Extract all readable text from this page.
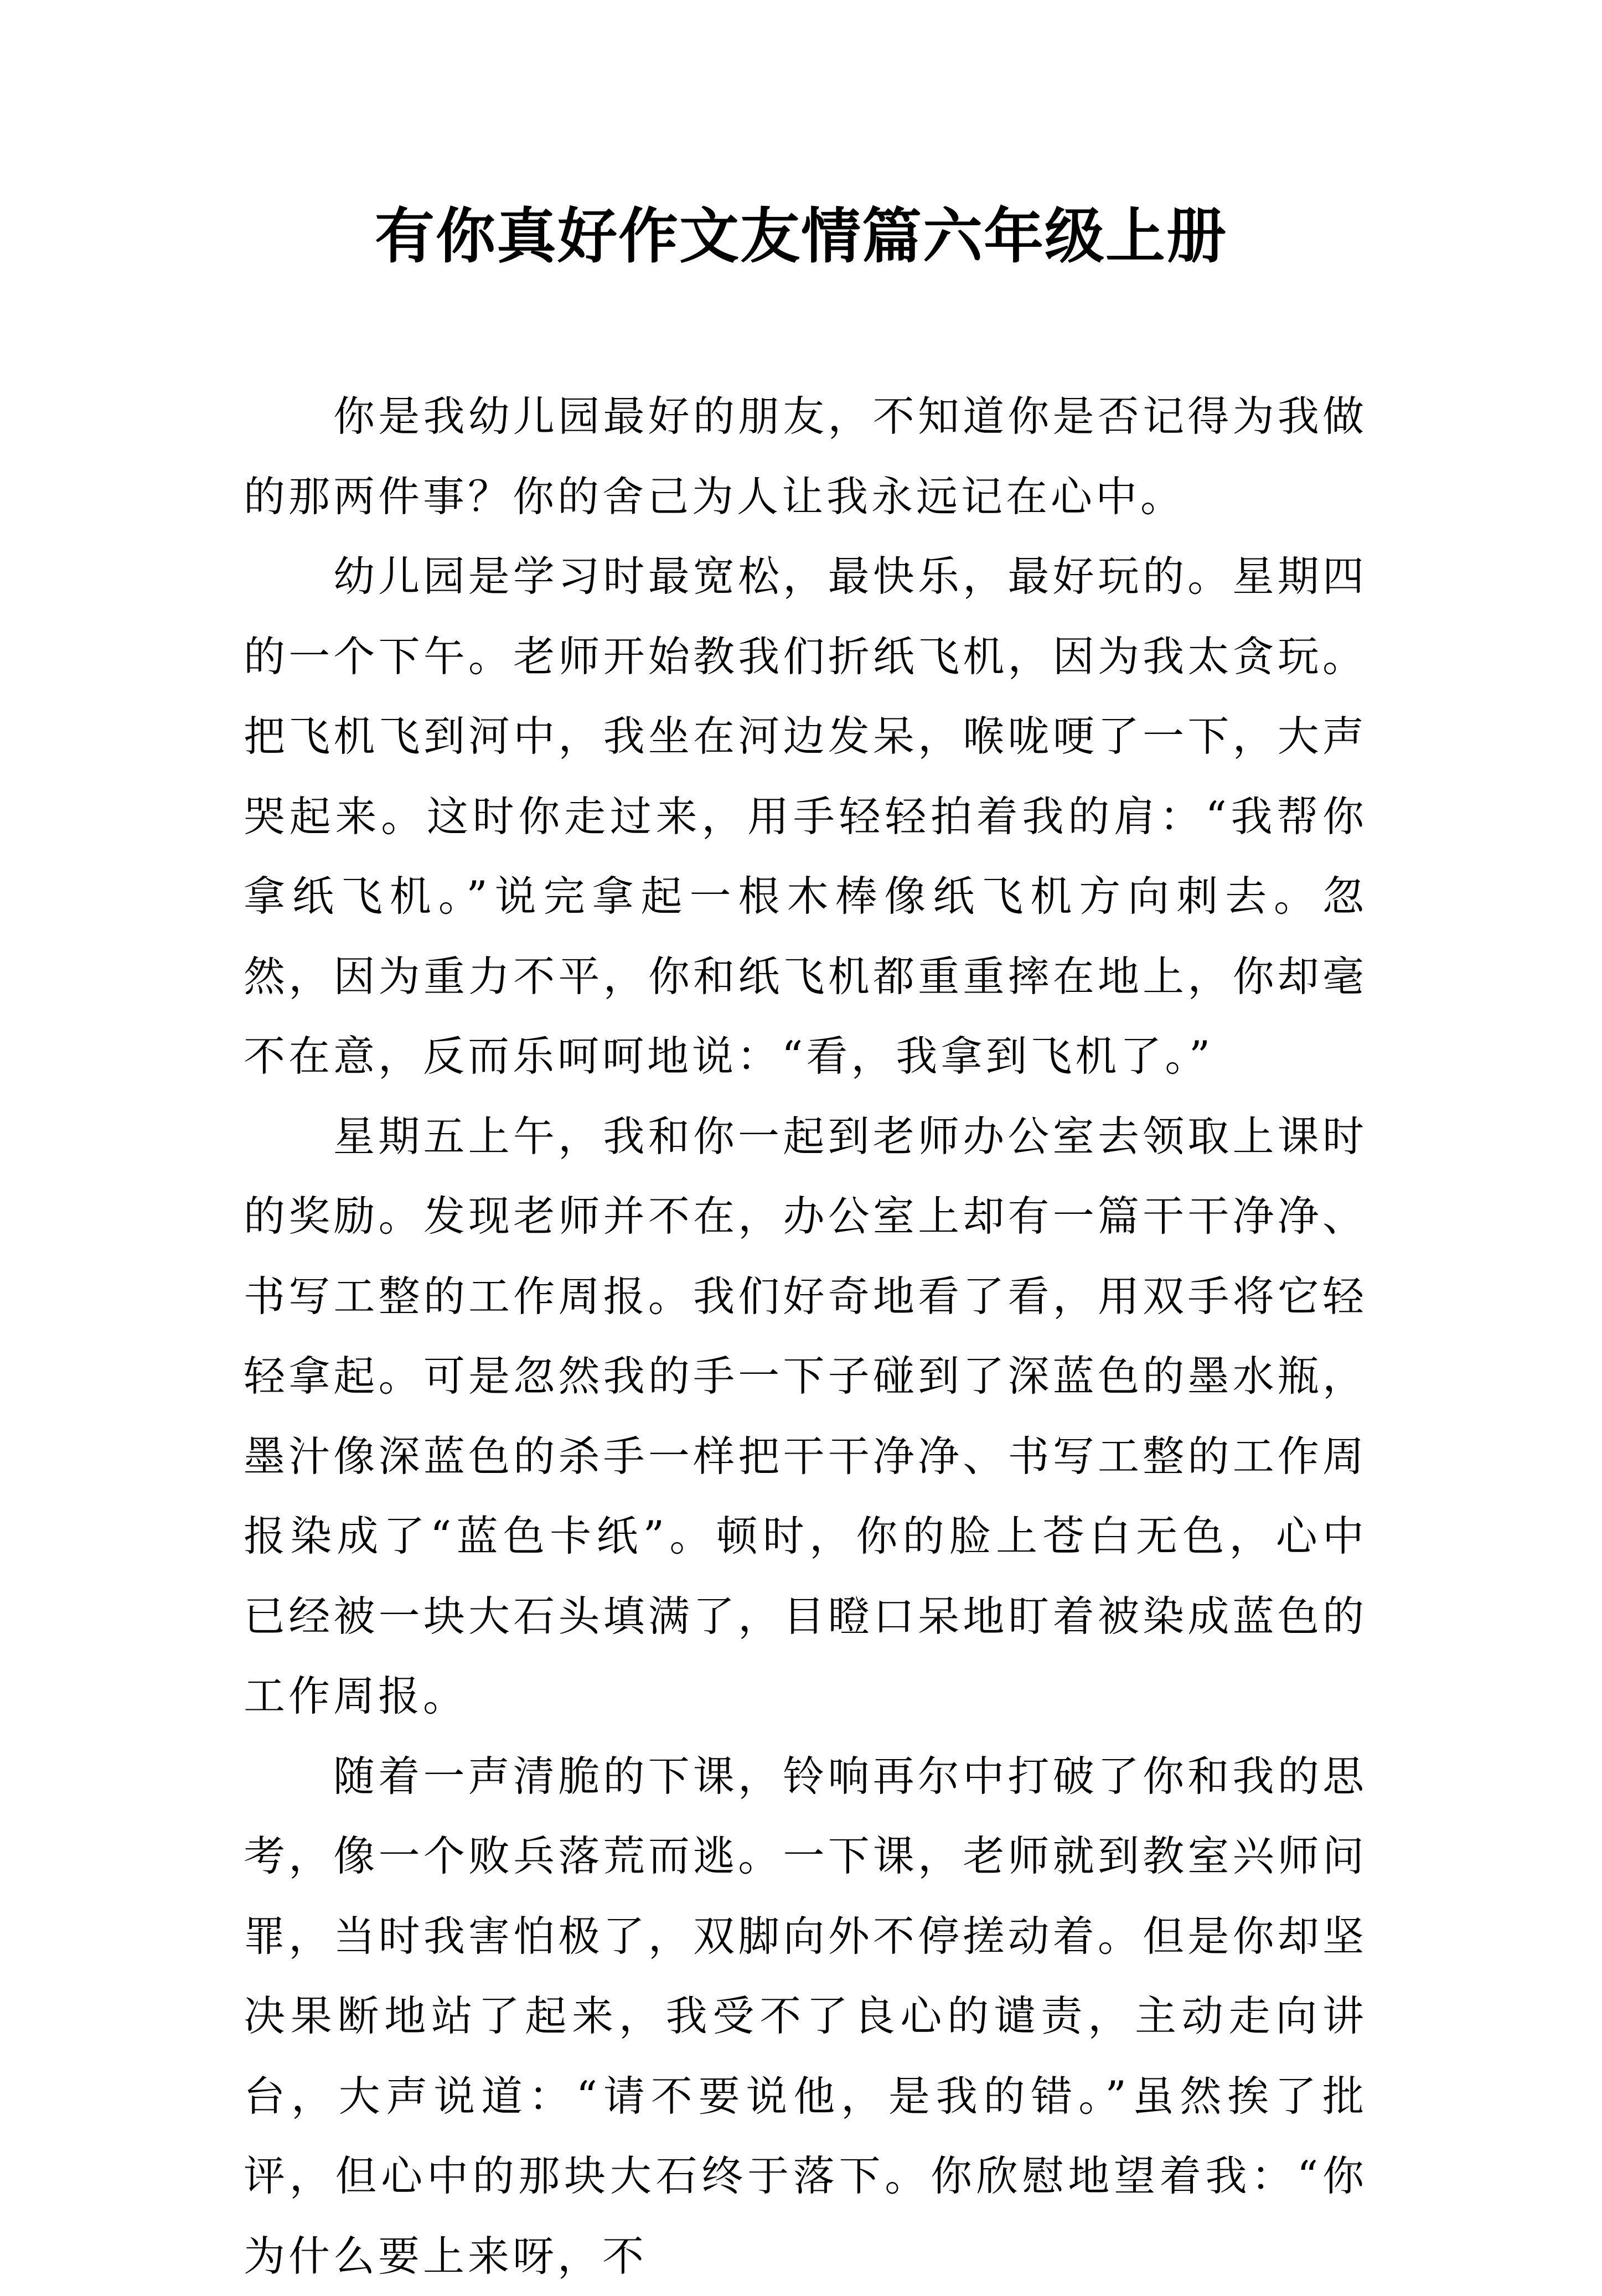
有你真好作文友情篇六年级上册

你是我幼儿园最好的朋友，不知道你是否记得为我做的那两件事？你的舍己为人让我永远记在心中。

幼儿园是学习时最宽松，最快乐，最好玩的。星期四的一个下午。老师开始教我们折纸飞机，因为我太贪玩。把飞机飞到河中，我坐在河边发呆，喉咙哽了一下，大声哭起来。这时你走过来，用手轻轻拍着我的肩：“我帮你拿纸飞机。”说完拿起一根木棒像纸飞机方向刺去。忽然，因为重力不平，你和纸飞机都重重摔在地上，你却毫不在意，反而乐呵呵地说：“看，我拿到飞机了。”

星期五上午，我和你一起到老师办公室去领取上课时的奖励。发现老师并不在，办公室上却有一篇干干净净、书写工整的工作周报。我们好奇地看了看，用双手将它轻轻拿起。可是忽然我的手一下子碰到了深蓝色的墨水瓶，墨汁像深蓝色的杀手一样把干干净净、书写工整的工作周报染成了“蓝色卡纸”。顿时，你的脸上苍白无色，心中已经被一块大石头填满了，目瞪口呆地盯着被染成蓝色的工作周报。

随着一声清脆的下课，铃响再尔中打破了你和我的思考，像一个败兵落荒而逃。一下课，老师就到教室兴师问罪，当时我害怕极了，双脚向外不停搓动着。但是你却坚决果断地站了起来，我受不了良心的谴责，主动走向讲台，大声说道：“请不要说他，是我的错。”虽然挨了批评，但心中的那块大石终于落下。你欣慰地望着我：“你为什么要上来呀，不
